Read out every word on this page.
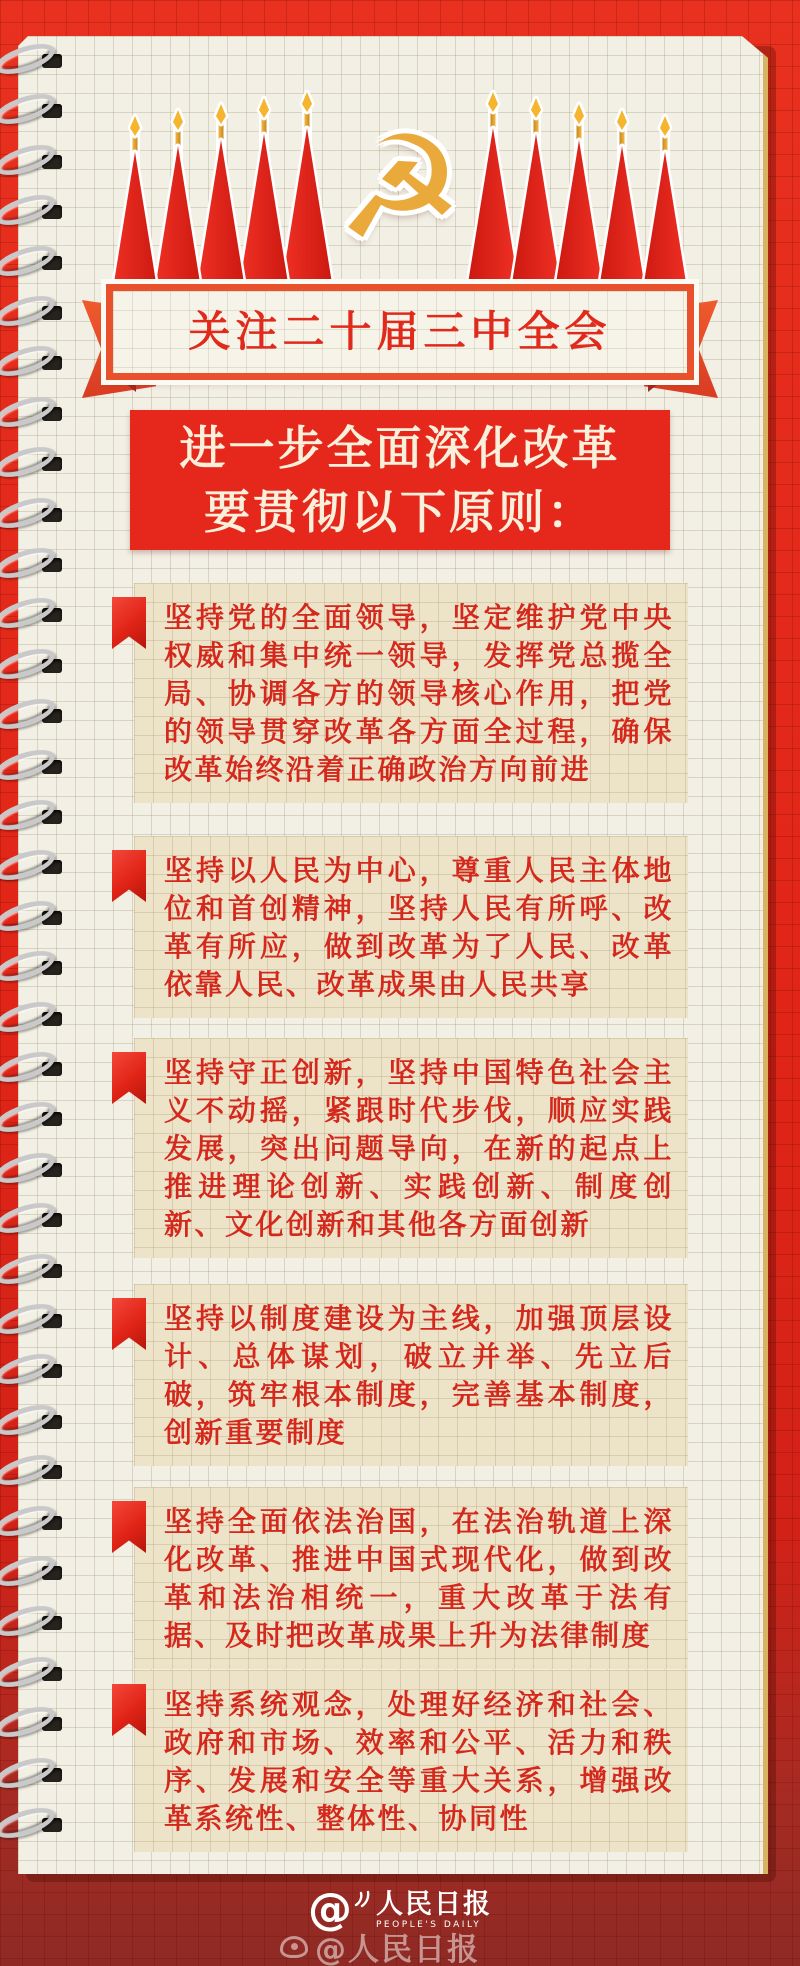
☭
关注二十届三中全会
进一步全面深化改革
要贯彻以下原则：

坚持党的全面领导，坚定维护党中央权威和集中统一领导，发挥党总揽全局、协调各方的领导核心作用，把党的领导贯穿改革各方面全过程，确保改革始终沿着正确政治方向前进

坚持以人民为中心，尊重人民主体地位和首创精神，坚持人民有所呼、改革有所应，做到改革为了人民、改革依靠人民、改革成果由人民共享

坚持守正创新，坚持中国特色社会主义不动摇，紧跟时代步伐，顺应实践发展，突出问题导向，在新的起点上推进理论创新、实践创新、制度创新、文化创新和其他各方面创新

坚持以制度建设为主线，加强顶层设计、总体谋划，破立并举、先立后破，筑牢根本制度，完善基本制度，创新重要制度

坚持全面依法治国，在法治轨道上深化改革、推进中国式现代化，做到改革和法治相统一，重大改革于法有据、及时把改革成果上升为法律制度

坚持系统观念，处理好经济和社会、政府和市场、效率和公平、活力和秩序、发展和安全等重大关系，增强改革系统性、整体性、协同性

@ 人民日报
PEOPLE'S DAILY
@人民日报
